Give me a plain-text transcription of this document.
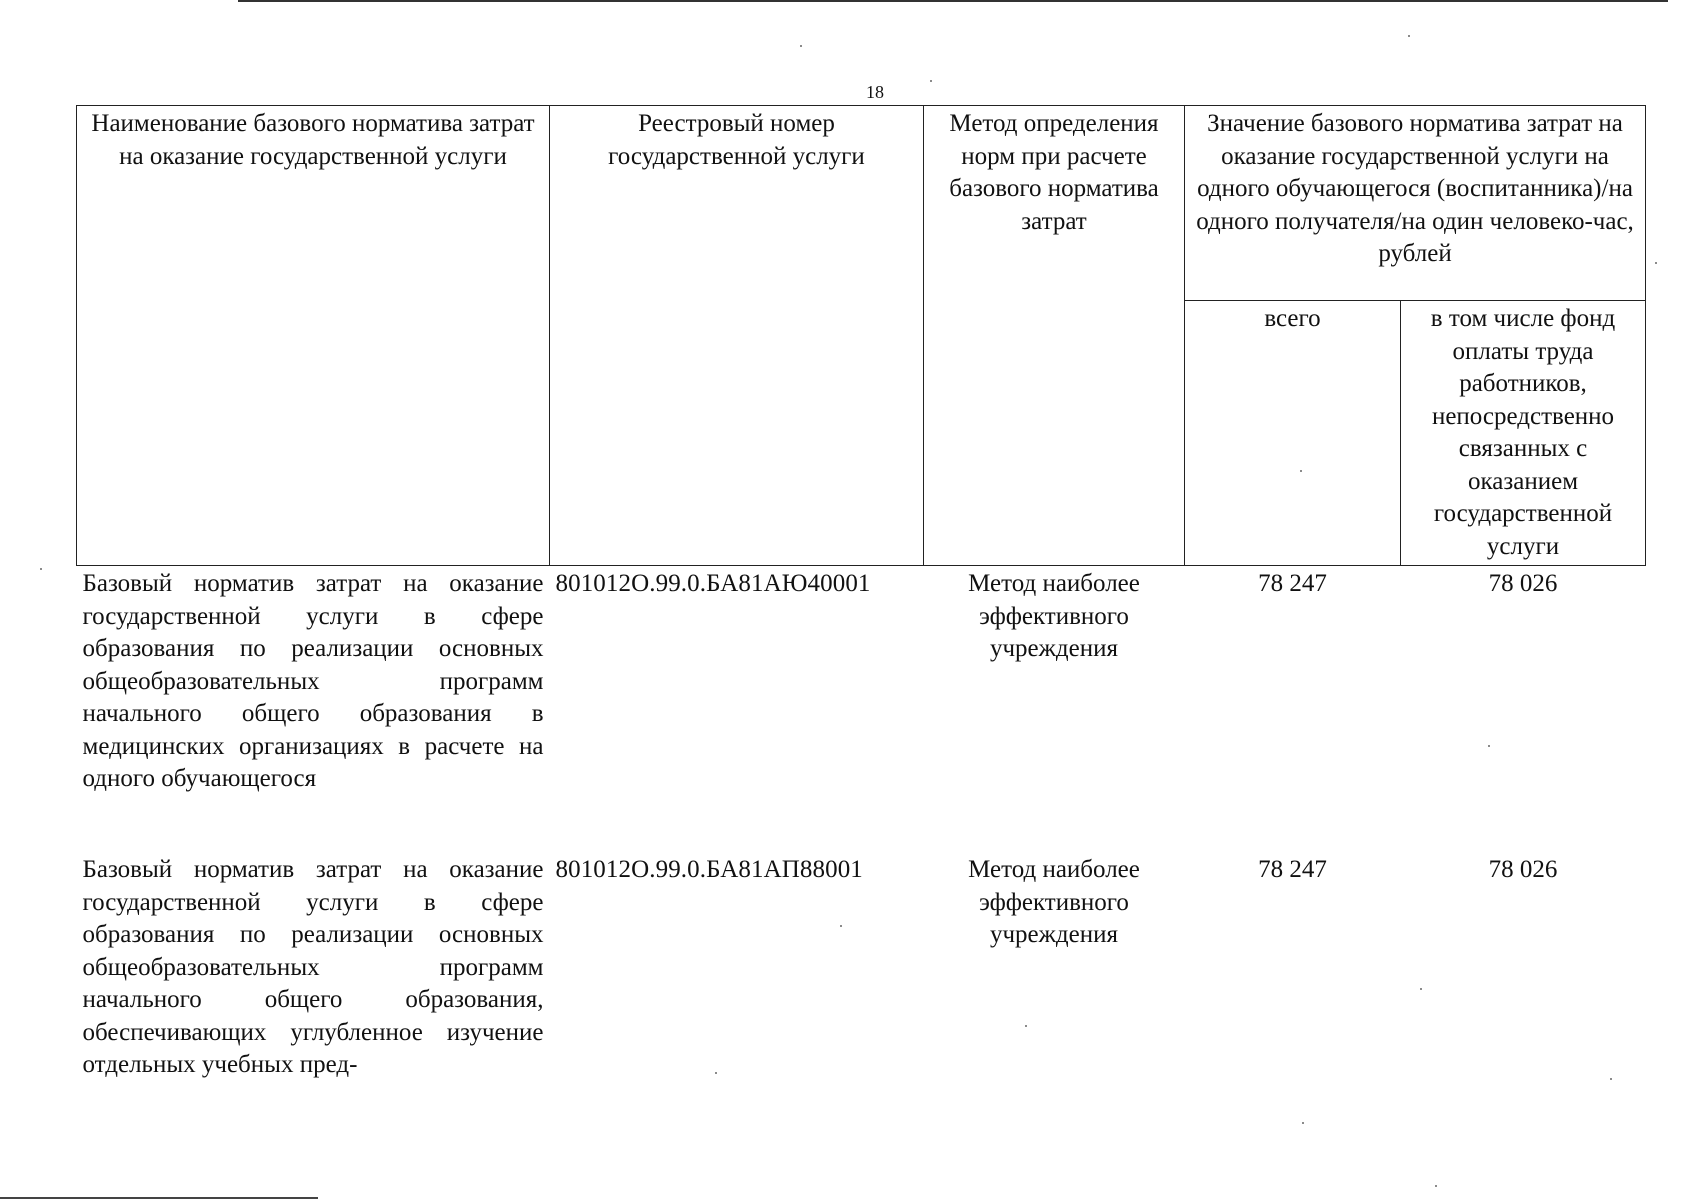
18
Наименование базового норматива затрат на оказание государственной услуги	Реестровый номер государственной услуги	Метод определения норм при расчете базового норматива затрат	Значение базового норматива затрат на оказание государственной услуги на одного обучающегося (воспитанника)/на одного получателя/на один человеко-час, рублей	
			всего	в том числе фонд оплаты труда работников, непосредственно связанных с оказанием государственной услуги
Базовый норматив затрат на оказание государственной услуги в сфере образования по реализации основных общеобразовательных программ начального общего образования в медицинских организациях в расчете на одного обучающегося	801012О.99.0.БА81АЮ40001	Метод наиболее эффективного учреждения	78 247	78 026
Базовый норматив затрат на оказание государственной услуги в сфере образования по реализации основных общеобразовательных программ начального общего образования, обеспечивающих углубленное изучение отдельных учебных пред-	801012О.99.0.БА81АП88001	Метод наиболее эффективного учреждения	78 247	78 026
